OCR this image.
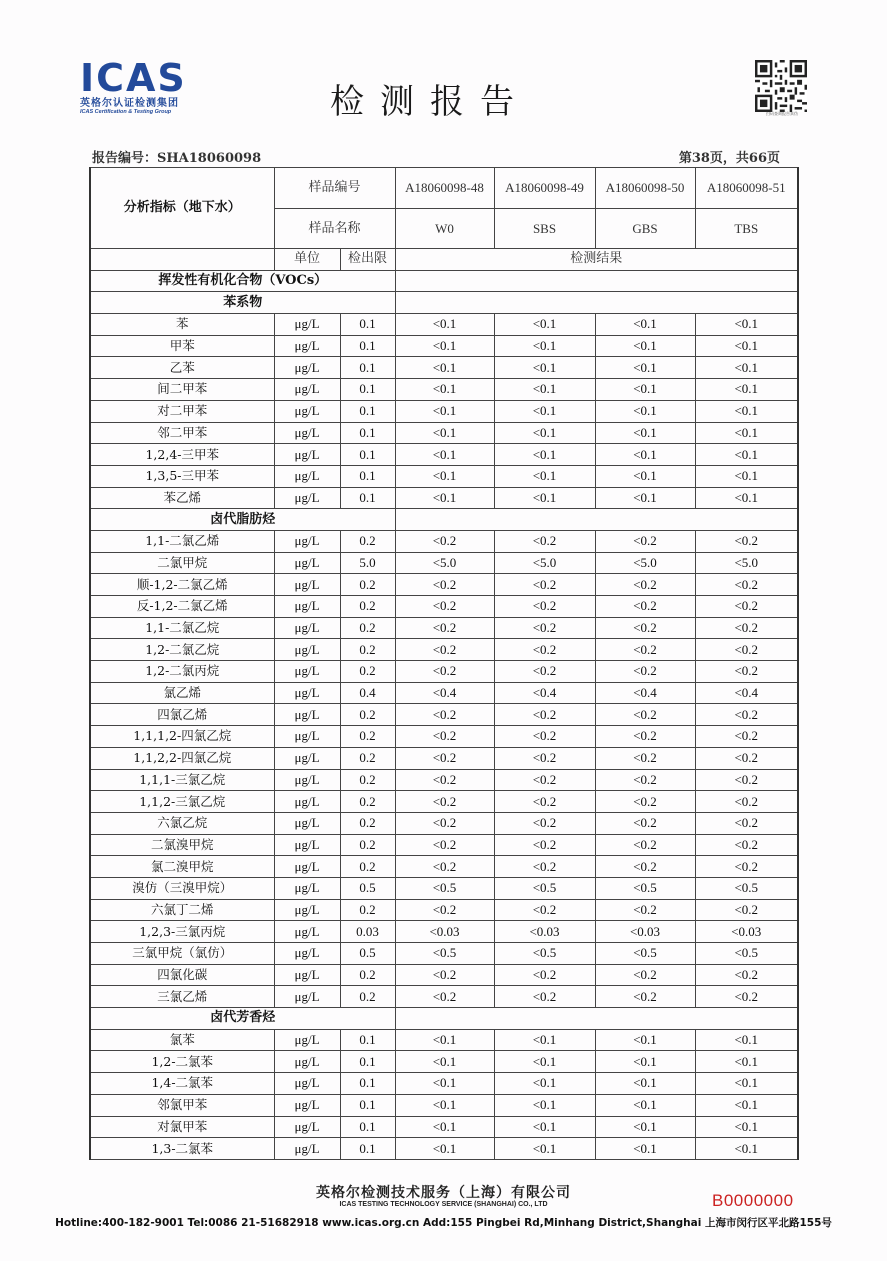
ICAS
英格尔认证检测集团
ICAS Certification & Testing Group	检测报告	扫码查询报告真伪
报告编号：SHA18060098	第38页，共66页
分析指标（地下水）	样品编号		A18060098-48	A18060098-49	A18060098-50	A18060098-51
	样品名称		W0	SBS	GBS	TBS
	单位	检出限	检测结果			
挥发性有机化合物（VOCs）						
苯系物						
苯	μg/L	0.1	<0.1	<0.1	<0.1	<0.1
甲苯	μg/L	0.1	<0.1	<0.1	<0.1	<0.1
乙苯	μg/L	0.1	<0.1	<0.1	<0.1	<0.1
间二甲苯	μg/L	0.1	<0.1	<0.1	<0.1	<0.1
对二甲苯	μg/L	0.1	<0.1	<0.1	<0.1	<0.1
邻二甲苯	μg/L	0.1	<0.1	<0.1	<0.1	<0.1
1,2,4-三甲苯	μg/L	0.1	<0.1	<0.1	<0.1	<0.1
1,3,5-三甲苯	μg/L	0.1	<0.1	<0.1	<0.1	<0.1
苯乙烯	μg/L	0.1	<0.1	<0.1	<0.1	<0.1
卤代脂肪烃						
1,1-二氯乙烯	μg/L	0.2	<0.2	<0.2	<0.2	<0.2
二氯甲烷	μg/L	5.0	<5.0	<5.0	<5.0	<5.0
顺-1,2-二氯乙烯	μg/L	0.2	<0.2	<0.2	<0.2	<0.2
反-1,2-二氯乙烯	μg/L	0.2	<0.2	<0.2	<0.2	<0.2
1,1-二氯乙烷	μg/L	0.2	<0.2	<0.2	<0.2	<0.2
1,2-二氯乙烷	μg/L	0.2	<0.2	<0.2	<0.2	<0.2
1,2-二氯丙烷	μg/L	0.2	<0.2	<0.2	<0.2	<0.2
氯乙烯	μg/L	0.4	<0.4	<0.4	<0.4	<0.4
四氯乙烯	μg/L	0.2	<0.2	<0.2	<0.2	<0.2
1,1,1,2-四氯乙烷	μg/L	0.2	<0.2	<0.2	<0.2	<0.2
1,1,2,2-四氯乙烷	μg/L	0.2	<0.2	<0.2	<0.2	<0.2
1,1,1-三氯乙烷	μg/L	0.2	<0.2	<0.2	<0.2	<0.2
1,1,2-三氯乙烷	μg/L	0.2	<0.2	<0.2	<0.2	<0.2
六氯乙烷	μg/L	0.2	<0.2	<0.2	<0.2	<0.2
二氯溴甲烷	μg/L	0.2	<0.2	<0.2	<0.2	<0.2
氯二溴甲烷	μg/L	0.2	<0.2	<0.2	<0.2	<0.2
溴仿（三溴甲烷）	μg/L	0.5	<0.5	<0.5	<0.5	<0.5
六氯丁二烯	μg/L	0.2	<0.2	<0.2	<0.2	<0.2
1,2,3-三氯丙烷	μg/L	0.03	<0.03	<0.03	<0.03	<0.03
三氯甲烷（氯仿）	μg/L	0.5	<0.5	<0.5	<0.5	<0.5
四氯化碳	μg/L	0.2	<0.2	<0.2	<0.2	<0.2
三氯乙烯	μg/L	0.2	<0.2	<0.2	<0.2	<0.2
卤代芳香烃						
氯苯	μg/L	0.1	<0.1	<0.1	<0.1	<0.1
1,2-二氯苯	μg/L	0.1	<0.1	<0.1	<0.1	<0.1
1,4-二氯苯	μg/L	0.1	<0.1	<0.1	<0.1	<0.1
邻氯甲苯	μg/L	0.1	<0.1	<0.1	<0.1	<0.1
对氯甲苯	μg/L	0.1	<0.1	<0.1	<0.1	<0.1
1,3-二氯苯	μg/L	0.1	<0.1	<0.1	<0.1	<0.1
英格尔检测技术服务（上海）有限公司
ICAS TESTING TECHNOLOGY SERVICE (SHANGHAI) CO., LTD	B0000000
Hotline:400-182-9001 Tel:0086 21-51682918 www.icas.org.cn Add:155 Pingbei Rd,Minhang District,Shanghai 上海市闵行区平北路155号
